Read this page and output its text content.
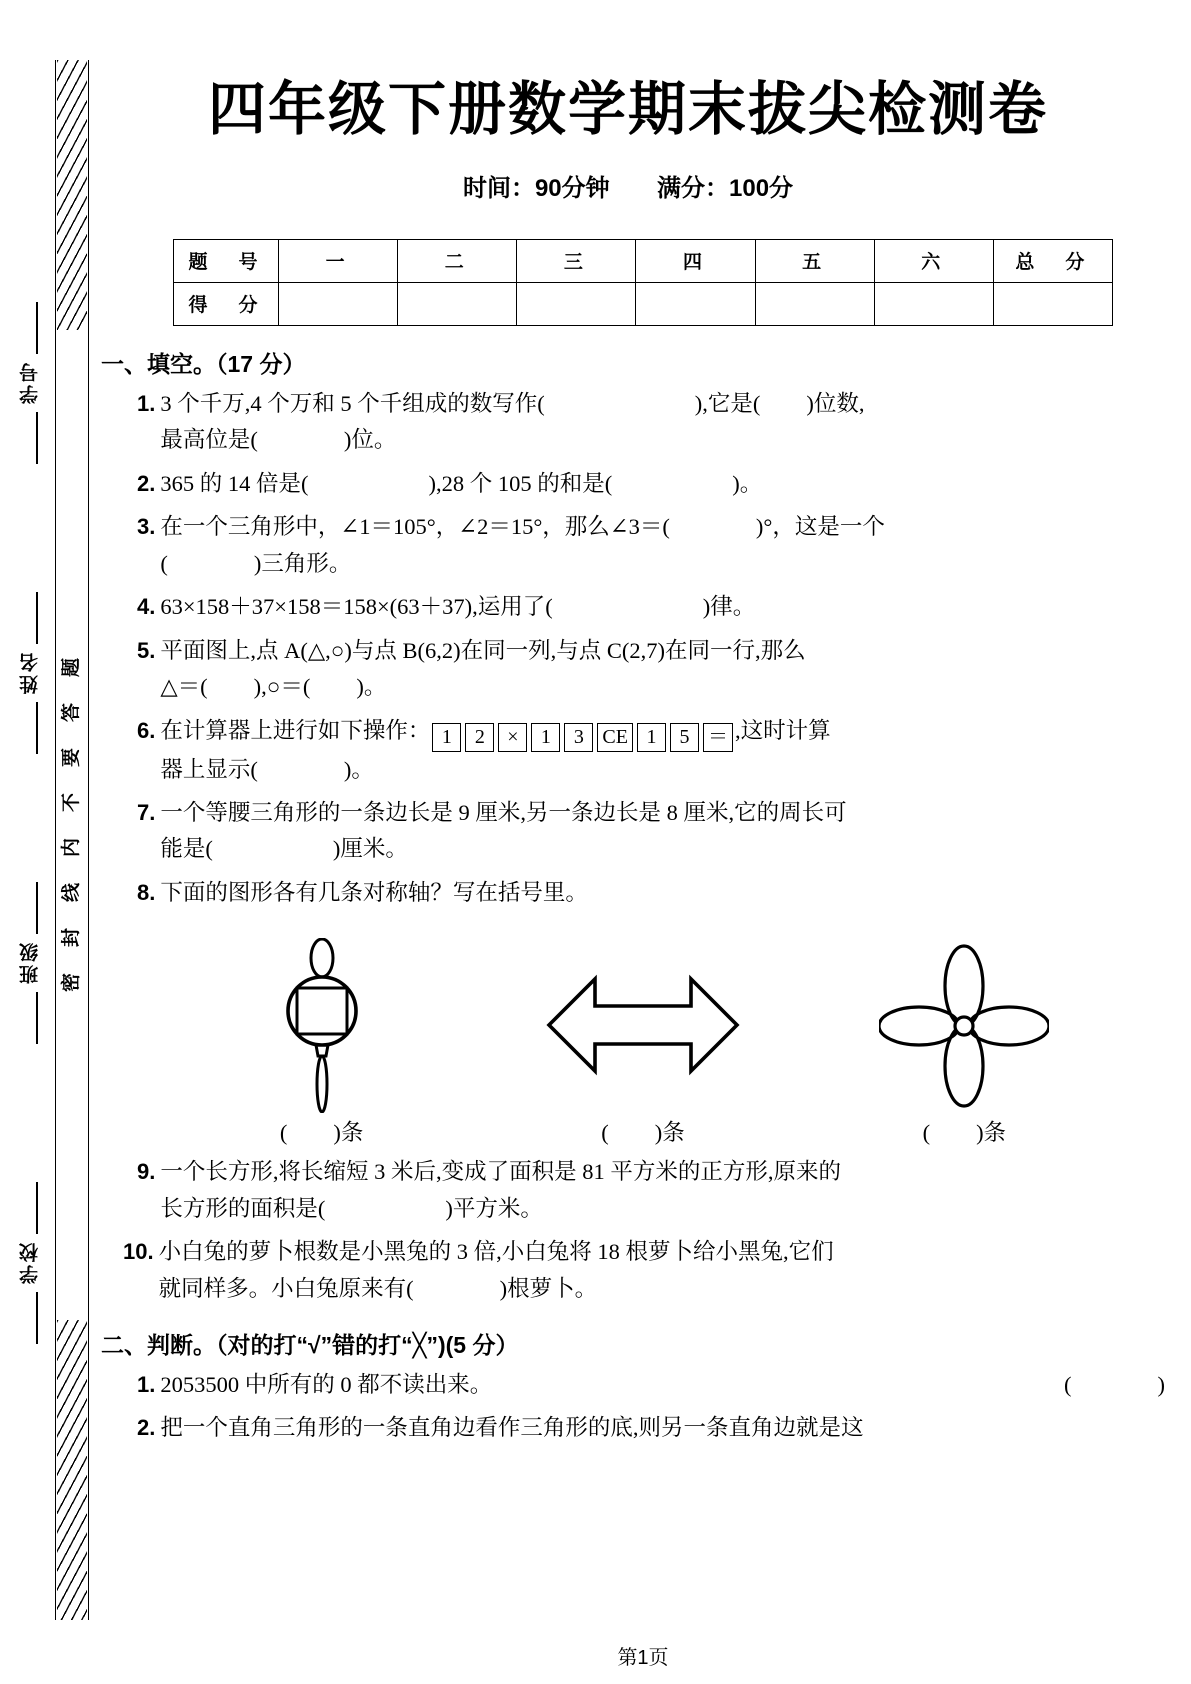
学号
姓名
班级
学校
密
封
线
内
不
要
答
题
四年级下册数学期末拔尖检测卷
时间：90分钟 满分：100分
题　号	一	二	三	四	五	六	总　分
得　分							
一、填空。（17 分）
1. 3 个千万,4 个万和 5 个千组成的数写作(	),它是( )位数,
最高位是(	)位。
2. 365 的 14 倍是(	),28 个 105 的和是(	)。
3. 在一个三角形中，∠1＝105°，∠2＝15°，那么∠3＝(	)°，这是一个
(	)三角形。
4. 63×158＋37×158＝158×(63＋37),运用了(	)律。
5. 平面图上,点 A(△,○)与点 B(6,2)在同一列,与点 C(2,7)在同一行,那么
△＝( ),○＝( )。
6. 在计算器上进行如下操作： 1 2 × 1 3 CE 1 5 ＝ ,这时计算
器上显示(	)。
7. 一个等腰三角形的一条边长是 9 厘米,另一条边长是 8 厘米,它的周长可
能是(	)厘米。
8. 下面的图形各有几条对称轴？写在括号里。
( )条	( )条	( )条
9. 一个长方形,将长缩短 3 米后,变成了面积是 81 平方米的正方形,原来的
长方形的面积是(	)平方米。
10. 小白兔的萝卜根数是小黑兔的 3 倍,小白兔将 18 根萝卜给小黑兔,它们
就同样多。小白兔原来有(	)根萝卜。
二、判断。（对的打“√”错的打“╳”)(5 分）
1. 2053500 中所有的 0 都不读出来。	(	)
2. 把一个直角三角形的一条直角边看作三角形的底,则另一条直角边就是这
第1页
